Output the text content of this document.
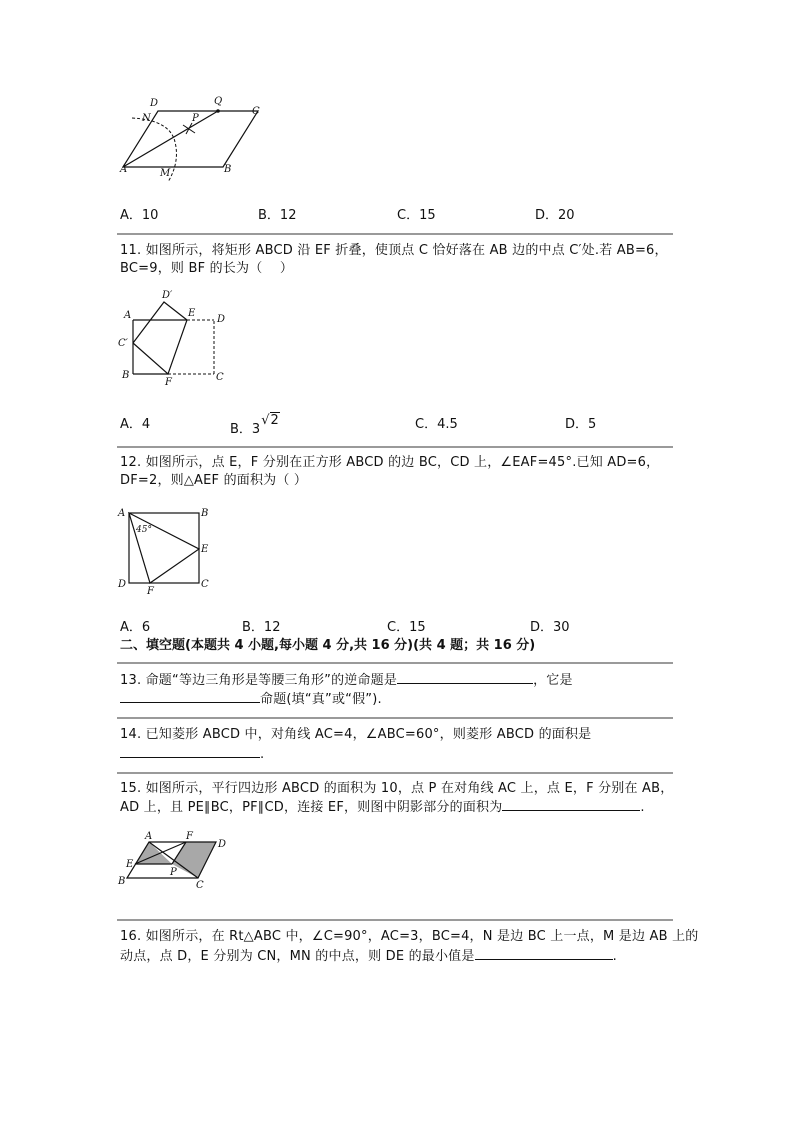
D	Q
C
N	P
A	M	B
A．10	B．12	C．15	D．20
11. 如图所示，将矩形 ABCD 沿 EF 折叠，使顶点 C 恰好落在 AB 边的中点 C′处.若 AB=6，
BC=9，则 BF 的长为（　 ）
D′
A	E
D
C′
B
F	C
A．4	B．3√2	C．4.5	D．5
12. 如图所示，点 E，F 分别在正方形 ABCD 的边 BC，CD 上，∠EAF=45°.已知 AD=6，
DF=2，则△AEF 的面积为（ ）
A	B
45°
E
D
F
C
A．6	B．12	C．15	D．30
二、填空题(本题共 4 小题,每小题 4 分,共 16 分)(共 4 题；共 16 分)
13. 命题“等边三角形是等腰三角形”的逆命题是	，它是
命题(填“真”或“假”).
14. 已知菱形 ABCD 中，对角线 AC=4，∠ABC=60°，则菱形 ABCD 的面积是
.
15. 如图所示，平行四边形 ABCD 的面积为 10，点 P 在对角线 AC 上，点 E，F 分别在 AB，
AD 上，且 PE∥BC，PF∥CD，连接 EF，则图中阴影部分的面积为	.
A	F
D
E
P
B	C
16. 如图所示，在 Rt△ABC 中，∠C=90°，AC=3，BC=4，N 是边 BC 上一点，M 是边 AB 上的
动点，点 D，E 分别为 CN，MN 的中点，则 DE 的最小值是	.
